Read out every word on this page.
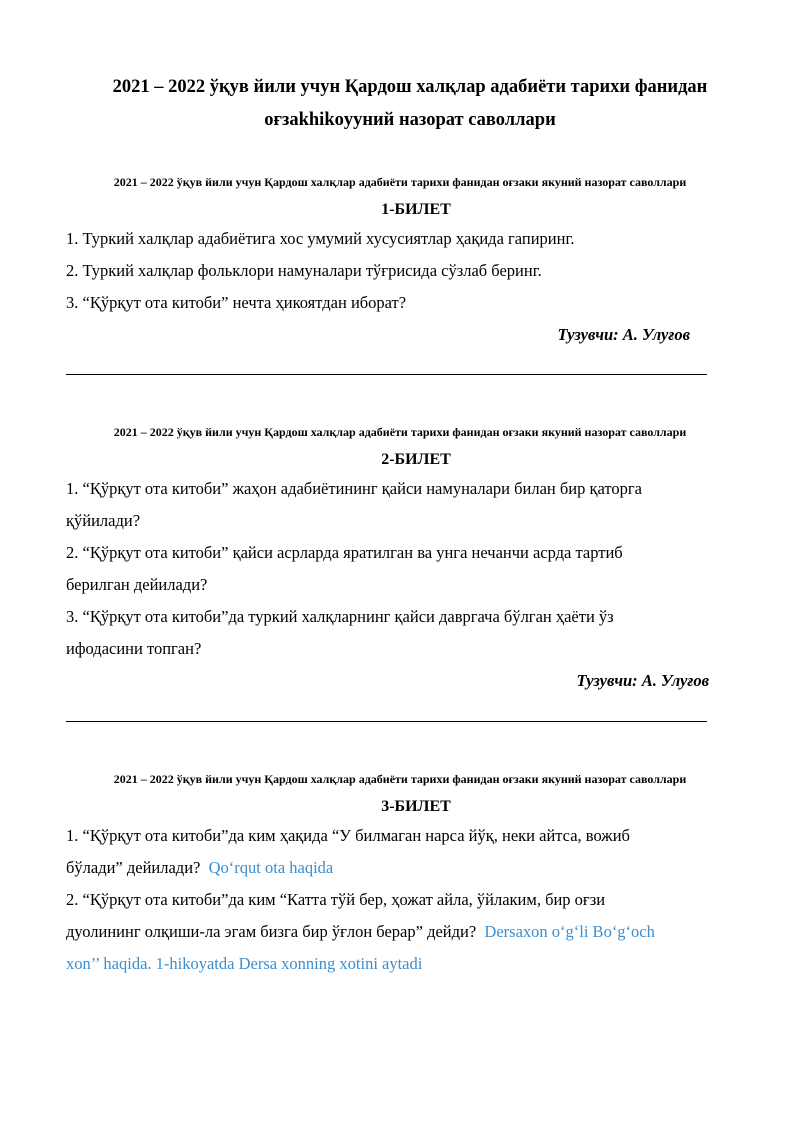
2021 – 2022 ўқув йили учун Қардош халқлар адабиёти тарихи фанидан
оғзakhikoууний назорат саволлари
2021 – 2022 ўқув йили учун Қардош халқлар адабиёти тарихи фанидан оғзаки якуний назорат саволлари
1-БИЛЕТ

1. Туркий халқлар адабиётига хос умумий хусусиятлар ҳақида гапиринг.

2. Туркий халқлар фольклори намуналари тўғрисида сўзлаб беринг.

3. “Қўрқут ота китоби” нечта ҳикоятдан иборат?

Тузувчи: А. Улуғов
2021 – 2022 ўқув йили учун Қардош халқлар адабиёти тарихи фанидан оғзаки якуний назорат саволлари
2-БИЛЕТ

1. “Қўрқут ота китоби” жаҳон адабиётининг қайси намуналари билан бир қаторга

қўйилади?

2. “Қўрқут ота китоби” қайси асрларда яратилган ва унга нечанчи асрда тартиб

берилган дейилади?

3. “Қўрқут ота китоби”да туркий халқларнинг қайси давргача бўлган ҳаёти ўз

ифодасини топган?

Тузувчи: А. Улуғов
2021 – 2022 ўқув йили учун Қардош халқлар адабиёти тарихи фанидан оғзаки якуний назорат саволлари
3-БИЛЕТ

1. “Қўрқут ота китоби”да ким ҳақида “У билмаган нарса йўқ, неки айтса, вожиб

бўлади” дейилади? Qo‘rqut ota haqida

2. “Қўрқут ота китоби”да ким “Катта тўй бер, ҳожат айла, ўйлаким, бир оғзи

дуолининг олқиши-ла эгам бизга бир ўғлон берар” дейди? Dersaxon o‘g‘li Bo‘g‘och

xon’’ haqida. 1-hikoyatda Dersa xonning xotini aytadi
